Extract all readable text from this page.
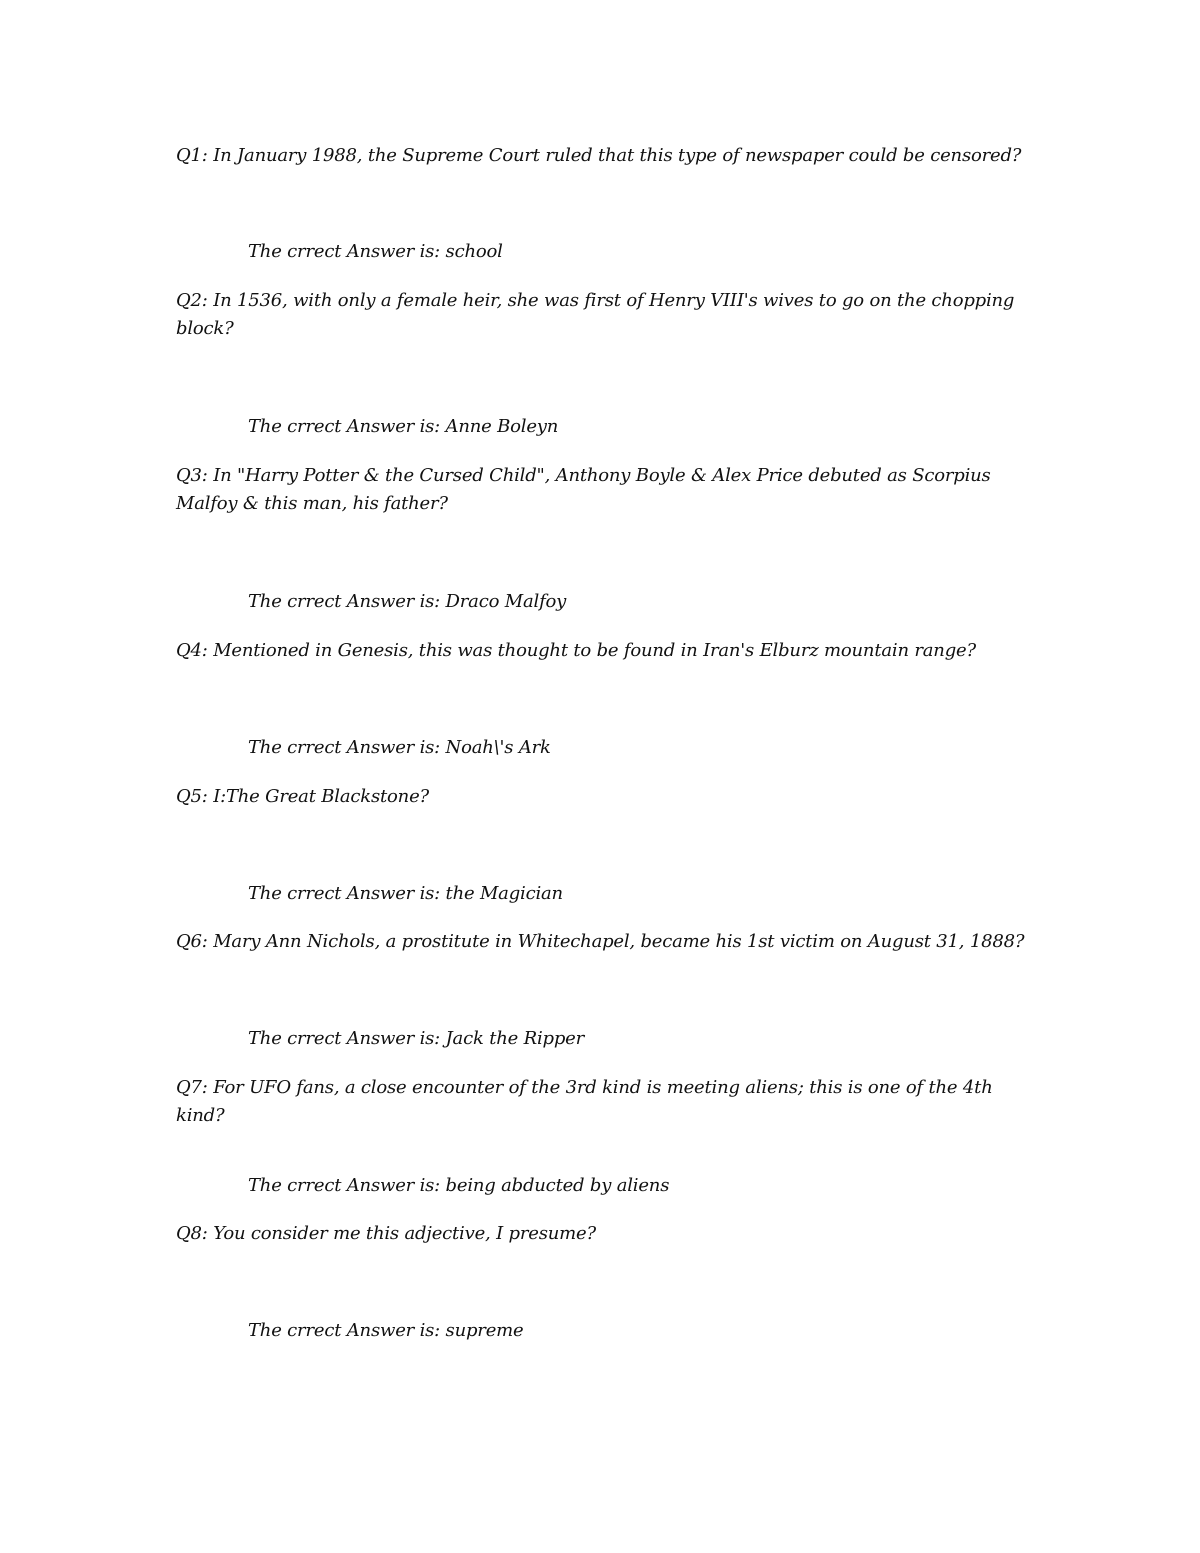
Q1: In January 1988, the Supreme Court ruled that this type of newspaper could be censored?
The crrect Answer is: school
Q2: In 1536, with only a female heir, she was first of Henry VIII's wives to go on the chopping block?
The crrect Answer is: Anne Boleyn
Q3: In "Harry Potter & the Cursed Child", Anthony Boyle & Alex Price debuted as Scorpius Malfoy & this man, his father?
The crrect Answer is: Draco Malfoy
Q4: Mentioned in Genesis, this was thought to be found in Iran's Elburz mountain range?
The crrect Answer is: Noah\'s Ark
Q5: I:The Great Blackstone?
The crrect Answer is: the Magician
Q6: Mary Ann Nichols, a prostitute in Whitechapel, became his 1st victim on August 31, 1888?
The crrect Answer is: Jack the Ripper
Q7: For UFO fans, a close encounter of the 3rd kind is meeting aliens; this is one of the 4th kind?
The crrect Answer is: being abducted by aliens
Q8: You consider me this adjective, I presume?
The crrect Answer is: supreme
